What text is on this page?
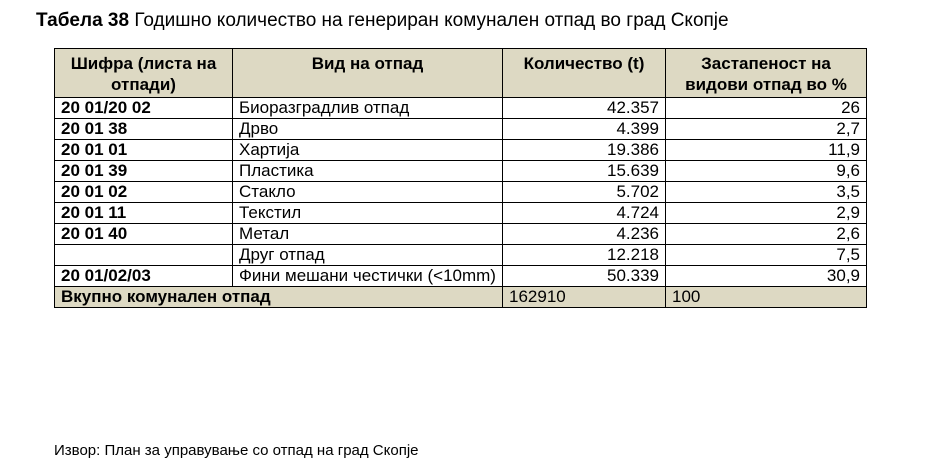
Табела 38 Годишно количество на генериран комунален отпад во град Скопје
Шифра (листа на отпади)	Вид на отпад	Количество (t)	Застапеност на видови отпад во %
20 01/20 02	Биоразградлив отпад	42.357	26
20 01 38	Дрво	4.399	2,7
20 01 01	Хартија	19.386	11,9
20 01 39	Пластика	15.639	9,6
20 01 02	Стакло	5.702	3,5
20 01 11	Текстил	4.724	2,9
20 01 40	Метал	4.236	2,6
	Друг отпад	12.218	7,5
20 01/02/03	Фини мешани честички (<10mm)	50.339	30,9
Вкупно комунален отпад		162910	100
Извор: План за управување со отпад на град Скопје
